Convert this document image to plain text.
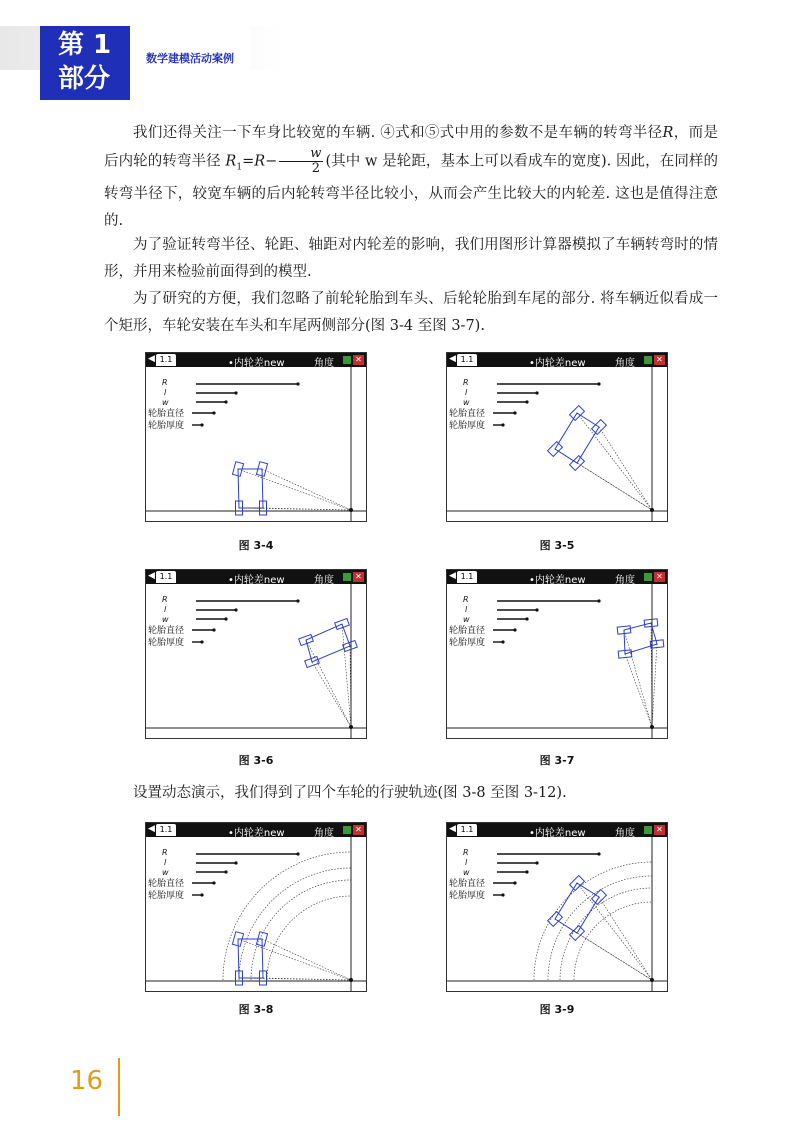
第 1
部分
数学建模活动案例
我们还得关注一下车身比较宽的车辆. ④式和⑤式中用的参数不是车辆的转弯半径R，而是后内轮的转弯半径 $R_1=R- \frac{w}{2}$ (其中 w 是轮距，基本上可以看成车的宽度). 因此，在同样的转弯半径下，较宽车辆的后内轮转弯半径比较小，从而会产生比较大的内轮差. 这也是值得注意的.
为了验证转弯半径、轮距、轴距对内轮差的影响，我们用图形计算器模拟了车辆转弯时的情形，并用来检验前面得到的模型.
为了研究的方便，我们忽略了前轮轮胎到车头、后轮轮胎到车尾的部分. 将车辆近似看成一个矩形，车轮安装在车头和车尾两侧部分(图 3-4 至图 3-7).
设置动态演示，我们得到了四个车轮的行驶轨迹(图 3-8 至图 3-12).
◀ 1.1	•内轮差new	角度	✕
R
l
w
轮胎直径
轮胎厚度
图 3-4
◀ 1.1	•内轮差new	角度	✕
R
l
w
轮胎直径
轮胎厚度
图 3-5
◀ 1.1	•内轮差new	角度	✕
R
l
w
轮胎直径
轮胎厚度
图 3-6
◀ 1.1	•内轮差new	角度	✕
R
l
w
轮胎直径
轮胎厚度
图 3-7
◀ 1.1	•内轮差new	角度	✕
R
l
w
轮胎直径
轮胎厚度
图 3-8
◀ 1.1	•内轮差new	角度	✕
R
l
w
轮胎直径
轮胎厚度
图 3-9
16
